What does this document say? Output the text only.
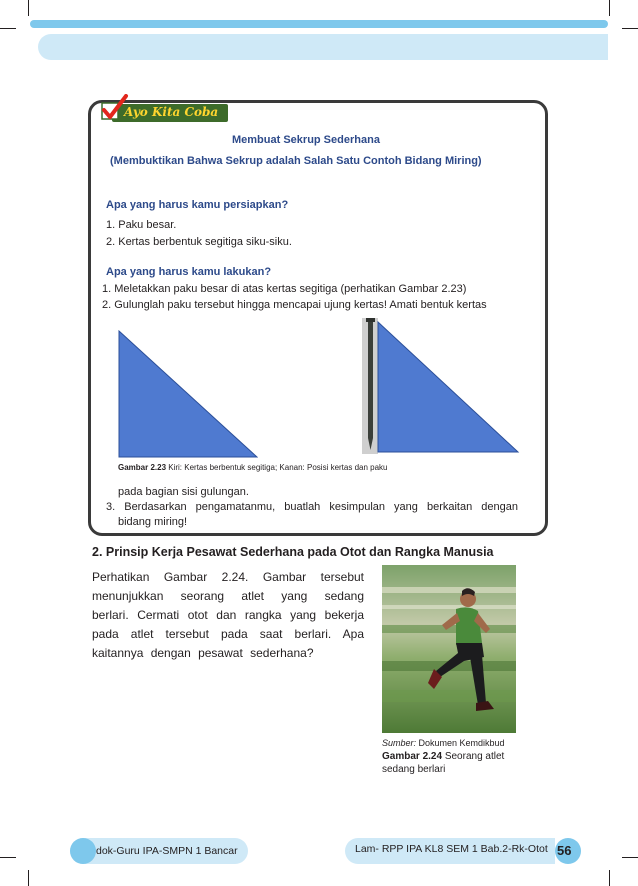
Ayo Kita Coba
Membuat Sekrup Sederhana
(Membuktikan Bahwa Sekrup adalah Salah Satu Contoh Bidang Miring)
Apa yang harus kamu persiapkan?
1. Paku besar.
2. Kertas berbentuk segitiga siku-siku.
Apa yang harus kamu lakukan?
1. Meletakkan paku besar di atas kertas segitiga (perhatikan Gambar 2.23)
2. Gulunglah paku tersebut hingga mencapai ujung kertas! Amati bentuk kertas
Gambar 2.23 Kiri: Kertas berbentuk segitiga; Kanan: Posisi kertas dan paku
pada bagian sisi gulungan.
3. Berdasarkan pengamatanmu, buatlah kesimpulan yang berkaitan dengan
bidang miring!
2. Prinsip Kerja Pesawat Sederhana pada Otot dan Rangka Manusia

Perhatikan Gambar 2.24. Gambar tersebut

menunjukkan seorang atlet yang sedang

berlari. Cermati otot dan rangka yang bekerja

pada atlet tersebut pada saat berlari. Apa

kaitannya dengan pesawat sederhana?

Sumber: Dokumen Kemdikbud
Gambar 2.24 Seorang atlet
sedang berlari
dok-Guru IPA-SMPN 1 Bancar	Lam- RPP IPA KL8 SEM 1 Bab.2-Rk-Otot 56
